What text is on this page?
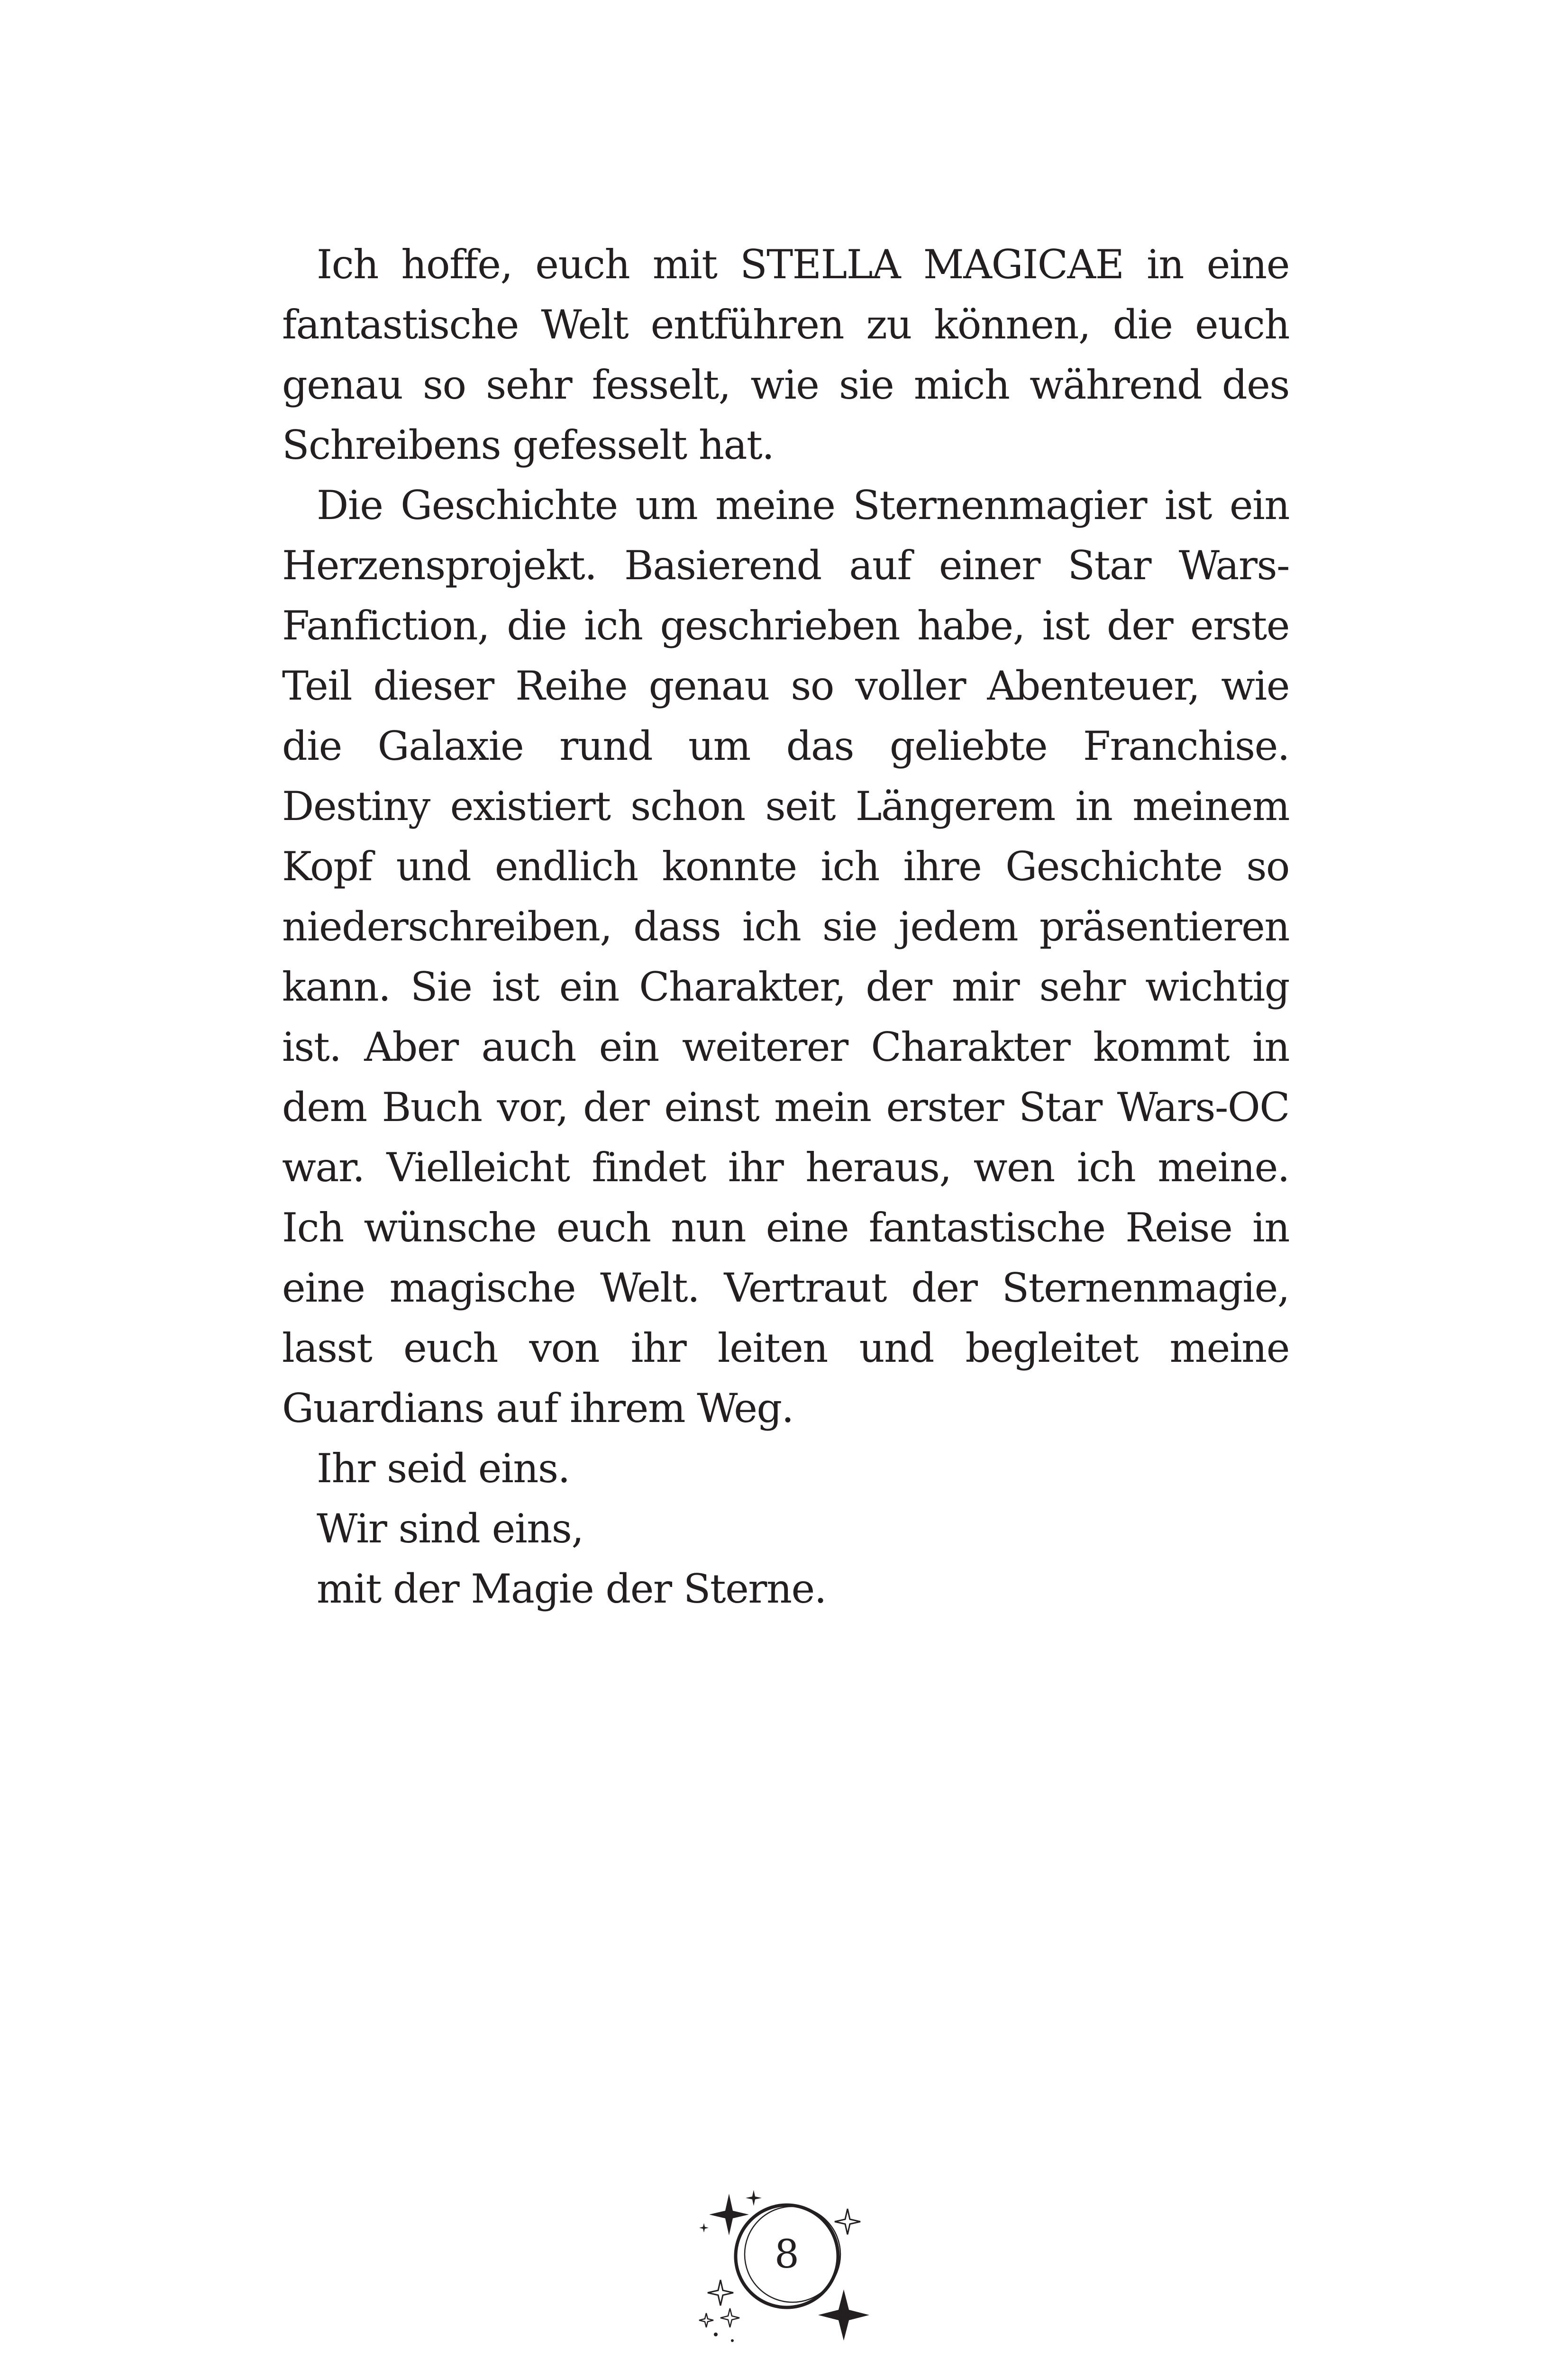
Ich hoffe, euch mit STELLA MAGICAE in eine fantastische Welt entführen zu können, die euch genau so sehr fesselt, wie sie mich während des Schreibens gefesselt hat.

Die Geschichte um meine Sternenmagier ist ein Herzensprojekt. Basierend auf einer Star Wars-Fanfiction, die ich geschrieben habe, ist der erste Teil dieser Reihe genau so voller Abenteuer, wie die Galaxie rund um das geliebte Franchise. Destiny existiert schon seit Längerem in meinem Kopf und endlich konnte ich ihre Geschichte so niederschreiben, dass ich sie jedem präsentieren kann. Sie ist ein Charakter, der mir sehr wichtig ist. Aber auch ein weiterer Charakter kommt in dem Buch vor, der einst mein erster Star Wars-OC war. Vielleicht findet ihr heraus, wen ich meine. Ich wünsche euch nun eine fantastische Reise in eine magische Welt. Vertraut der Sternenmagie, lasst euch von ihr leiten und begleitet meine Guardians auf ihrem Weg.

Ihr seid eins.

Wir sind eins,

mit der Magie der Sterne.

8
